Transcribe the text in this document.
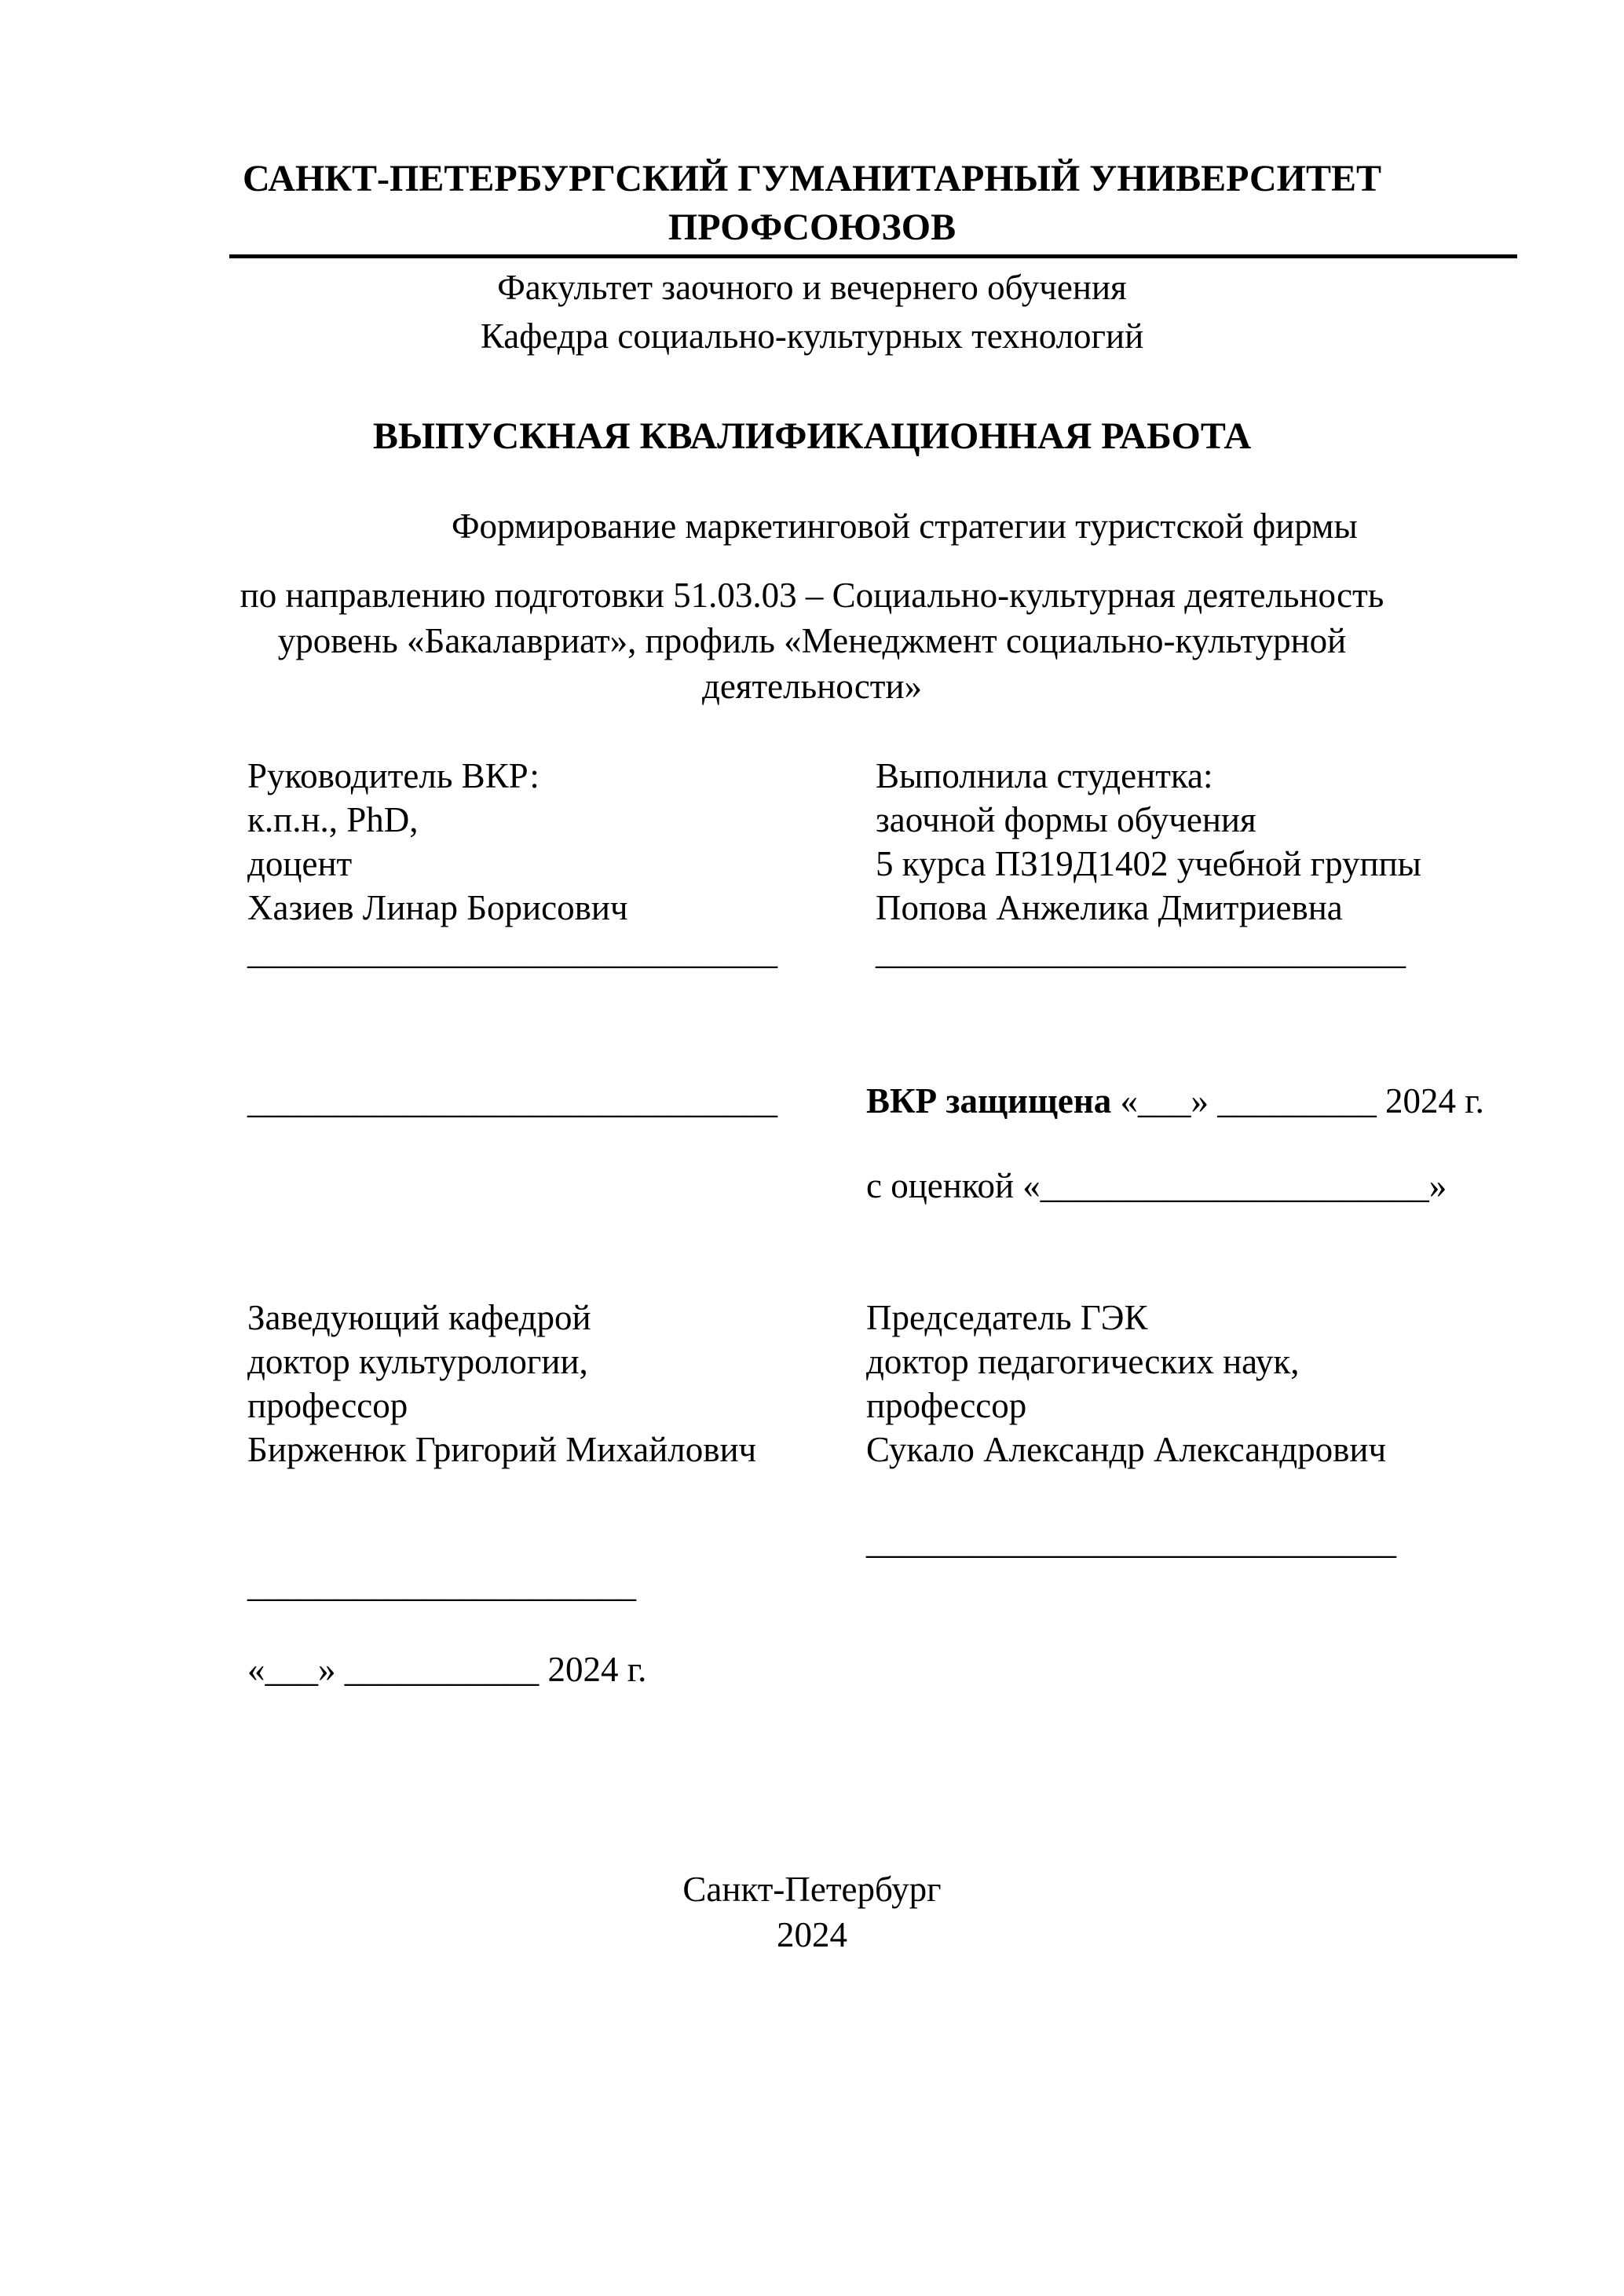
САНКТ-ПЕТЕРБУРГСКИЙ ГУМАНИТАРНЫЙ УНИВЕРСИТЕТ
ПРОФСОЮЗОВ
Факультет заочного и вечернего обучения
Кафедра социально-культурных технологий
ВЫПУСКНАЯ КВАЛИФИКАЦИОННАЯ РАБОТА
Формирование маркетинговой стратегии туристской фирмы
по направлению подготовки 51.03.03 – Социально-культурная деятельность
уровень «Бакалавриат», профиль «Менеджмент социально-культурной
деятельности»
Руководитель ВКР:
к.п.н., PhD,
доцент
Хазиев Линар Борисович
______________________________
Выполнила студентка:
заочной формы обучения
5 курса ПЗ19Д1402 учебной группы
Попова Анжелика Дмитриевна
______________________________
______________________________	ВКР защищена «___» _________ 2024 г.
с оценкой «______________________»
Заведующий кафедрой
доктор культурологии,
профессор
Бирженюк Григорий Михайлович
______________________
«___» ___________ 2024 г.
Председатель ГЭК
доктор педагогических наук,
профессор
Сукало Александр Александрович
______________________________
Санкт-Петербург
2024
